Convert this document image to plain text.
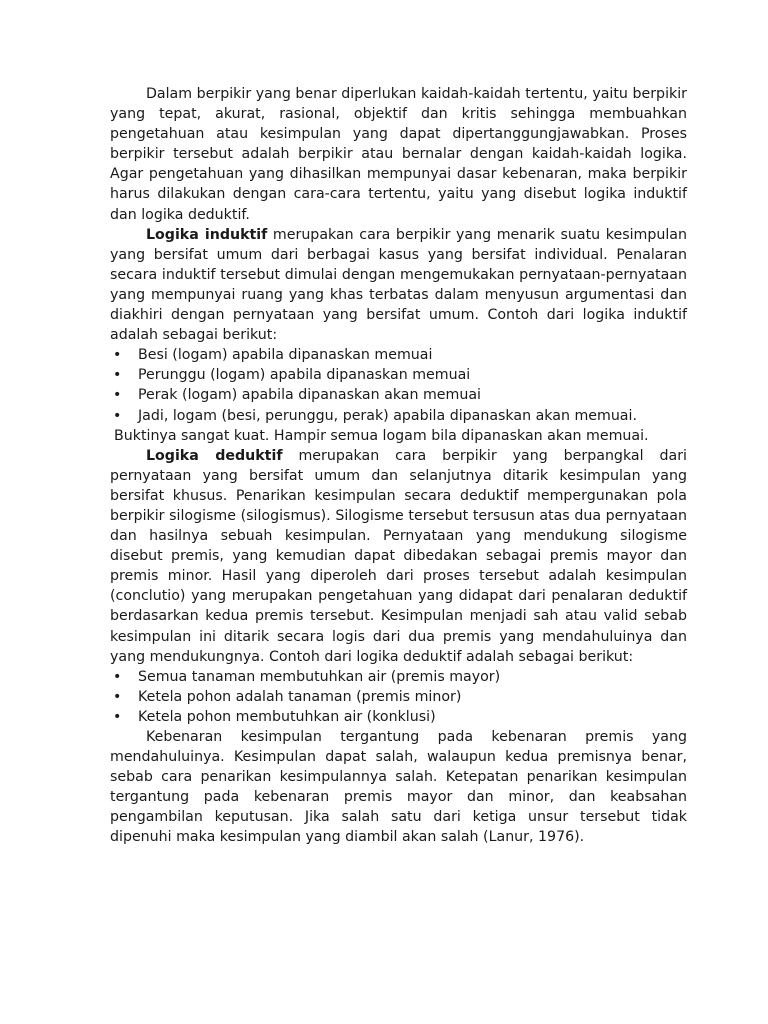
Dalam berpikir yang benar diperlukan kaidah-kaidah tertentu, yaitu berpikir yang tepat, akurat, rasional, objektif dan kritis sehingga membuahkan pengetahuan atau kesimpulan yang dapat dipertanggungjawabkan. Proses berpikir tersebut adalah berpikir atau bernalar dengan kaidah-kaidah logika. Agar pengetahuan yang dihasilkan mempunyai dasar kebenaran, maka berpikir harus dilakukan dengan cara-cara tertentu, yaitu yang disebut logika induktif dan logika deduktif.

Logika induktif merupakan cara berpikir yang menarik suatu kesimpulan yang bersifat umum dari berbagai kasus yang bersifat individual. Penalaran secara induktif tersebut dimulai dengan mengemukakan pernyataan-pernyataan yang mempunyai ruang yang khas terbatas dalam menyusun argumentasi dan diakhiri dengan pernyataan yang bersifat umum. Contoh dari logika induktif adalah sebagai berikut:

• Besi (logam) apabila dipanaskan memuai
• Perunggu (logam) apabila dipanaskan memuai
• Perak (logam) apabila dipanaskan akan memuai
• Jadi, logam (besi, perunggu, perak) apabila dipanaskan akan memuai.

Buktinya sangat kuat. Hampir semua logam bila dipanaskan akan memuai.

Logika deduktif merupakan cara berpikir yang berpangkal dari pernyataan yang bersifat umum dan selanjutnya ditarik kesimpulan yang bersifat khusus. Penarikan kesimpulan secara deduktif mempergunakan pola berpikir silogisme (silogismus). Silogisme tersebut tersusun atas dua pernyataan dan hasilnya sebuah kesimpulan. Pernyataan yang mendukung silogisme disebut premis, yang kemudian dapat dibedakan sebagai premis mayor dan premis minor. Hasil yang diperoleh dari proses tersebut adalah kesimpulan (conclutio) yang merupakan pengetahuan yang didapat dari penalaran deduktif berdasarkan kedua premis tersebut. Kesimpulan menjadi sah atau valid sebab kesimpulan ini ditarik secara logis dari dua premis yang mendahuluinya dan yang mendukungnya. Contoh dari logika deduktif adalah sebagai berikut:

• Semua tanaman membutuhkan air (premis mayor)
• Ketela pohon adalah tanaman (premis minor)
• Ketela pohon membutuhkan air (konklusi)

Kebenaran kesimpulan tergantung pada kebenaran premis yang mendahuluinya. Kesimpulan dapat salah, walaupun kedua premisnya benar, sebab cara penarikan kesimpulannya salah. Ketepatan penarikan kesimpulan tergantung pada kebenaran premis mayor dan minor, dan keabsahan pengambilan keputusan. Jika salah satu dari ketiga unsur tersebut tidak dipenuhi maka kesimpulan yang diambil akan salah (Lanur, 1976).
